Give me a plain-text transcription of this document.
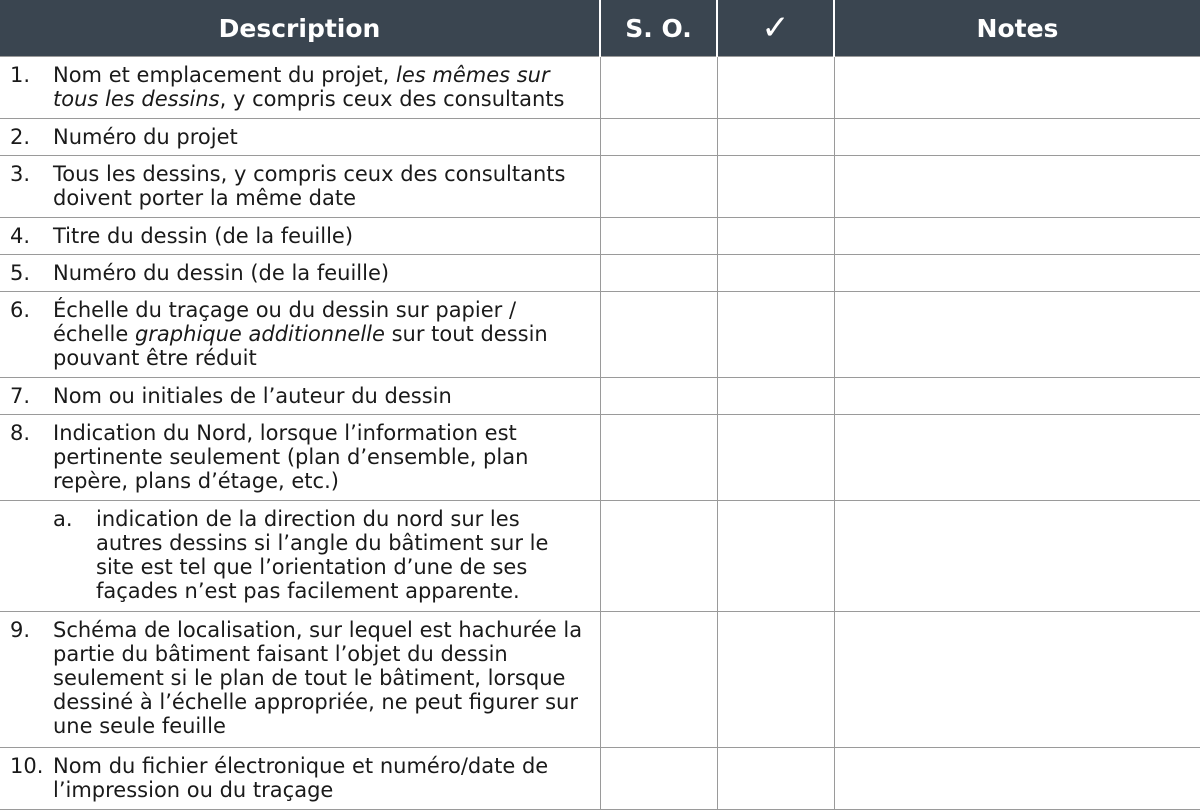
Description	S. O.	✓	Notes

1. Nom et emplacement du projet, les mêmes sur tous les dessins, y compris ceux des consultants			

2. Numéro du projet			

3. Tous les dessins, y compris ceux des consultants doivent porter la même date			

4. Titre du dessin (de la feuille)			

5. Numéro du dessin (de la feuille)			

6. Échelle du traçage ou du dessin sur papier / échelle graphique additionnelle sur tout dessin pouvant être réduit			

7. Nom ou initiales de l’auteur du dessin			

8. Indication du Nord, lorsque l’information est pertinente seulement (plan d’ensemble, plan repère, plans d’étage, etc.)			

a. indication de la direction du nord sur les autres dessins si l’angle du bâtiment sur le site est tel que l’orientation d’une de ses façades n’est pas facilement apparente.			

9. Schéma de localisation, sur lequel est hachurée la partie du bâtiment faisant l’objet du dessin seulement si le plan de tout le bâtiment, lorsque dessiné à l’échelle appropriée, ne peut figurer sur une seule feuille			

10. Nom du fichier électronique et numéro/date de l’impression ou du traçage			
